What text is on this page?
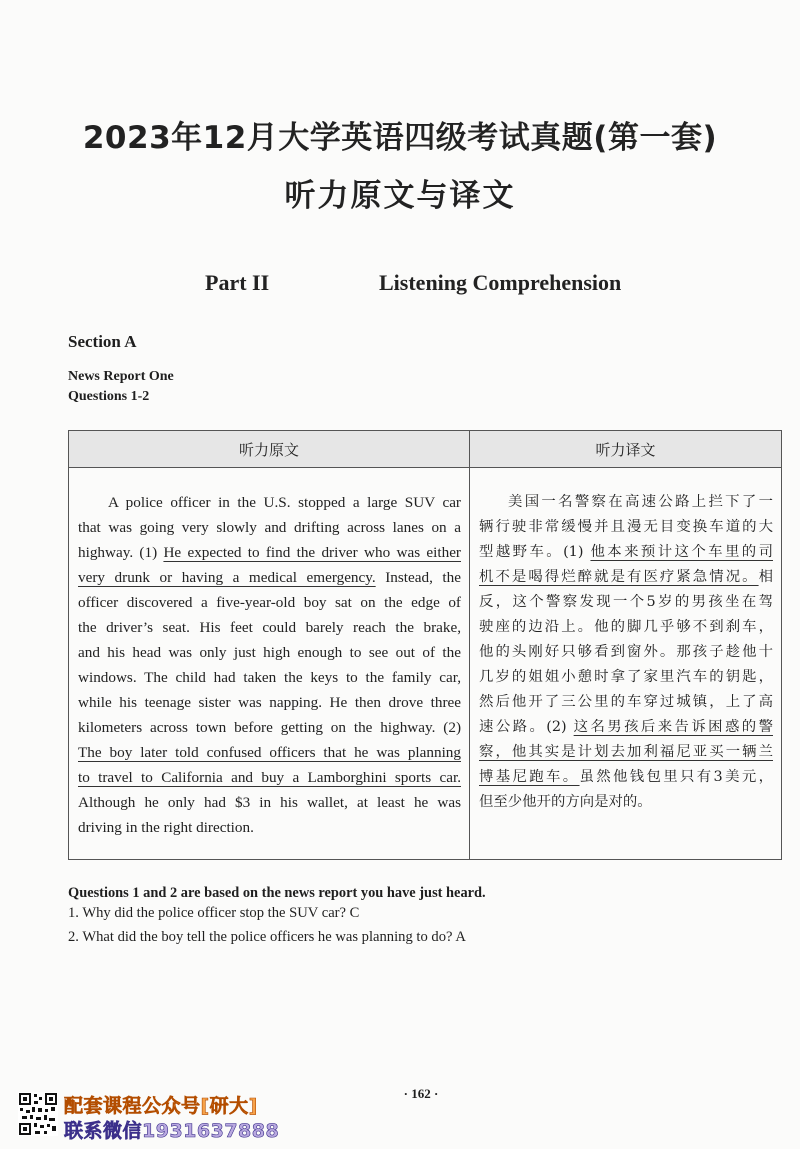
2023年12月大学英语四级考试真题(第一套)
听力原文与译文
Part II	Listening Comprehension
Section A
News Report One
Questions 1-2
听力原文	听力译文
A police officer in the U.S. stopped a large SUV car
that was going very slowly and drifting across lanes on a
highway. (1) He expected to find the driver who was either
very drunk or having a medical emergency. Instead, the
officer discovered a five-year-old boy sat on the edge of
the driver’s seat. His feet could barely reach the brake,
and his head was only just high enough to see out of the
windows. The child had taken the keys to the family car,
while his teenage sister was napping. He then drove three
kilometers across town before getting on the highway. (2)
The boy later told confused officers that he was planning
to travel to California and buy a Lamborghini sports car.
Although he only had $3 in his wallet, at least he was
driving in the right direction.
美国一名警察在高速公路上拦下了一
辆行驶非常缓慢并且漫无目变换车道的大
型越野车。(1) 他本来预计这个车里的司
机不是喝得烂醉就是有医疗紧急情况。相
反，这个警察发现一个5岁的男孩坐在驾
驶座的边沿上。他的脚几乎够不到刹车，
他的头刚好只够看到窗外。那孩子趁他十
几岁的姐姐小憩时拿了家里汽车的钥匙，
然后他开了三公里的车穿过城镇，上了高
速公路。(2) 这名男孩后来告诉困惑的警
察，他其实是计划去加利福尼亚买一辆兰
博基尼跑车。虽然他钱包里只有3美元，
但至少他开的方向是对的。
Questions 1 and 2 are based on the news report you have just heard.
1. Why did the police officer stop the SUV car? C
2. What did the boy tell the police officers he was planning to do? A
· 162 ·
配套课程公众号[研大]
联系微信1931637888
